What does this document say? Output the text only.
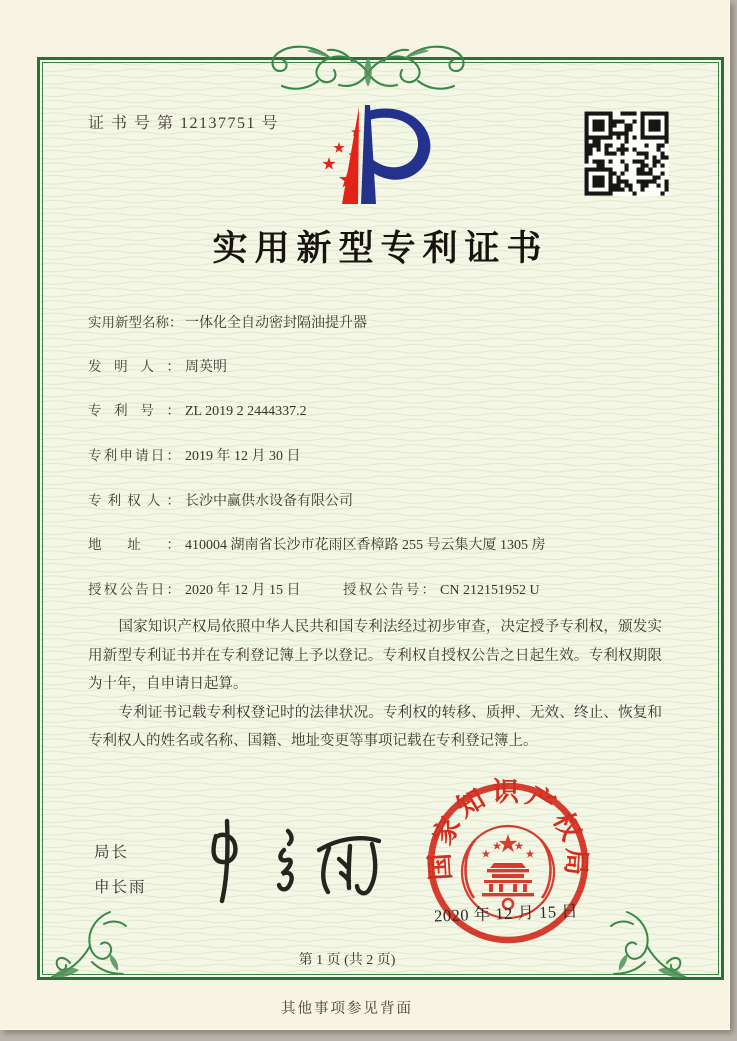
证 书 号 第 12137751 号
实用新型专利证书
实用新型名称： 一体化全自动密封隔油提升器
发明人： 周英明
专利号： ZL 2019 2 2444337.2
专利申请日： 2019 年 12 月 30 日
专利权人： 长沙中赢供水设备有限公司
地址： 410004 湖南省长沙市花雨区香樟路 255 号云集大厦 1305 房
授权公告日： 2020 年 12 月 15 日	授权公告号： CN 212151952 U

国家知识产权局依照中华人民共和国专利法经过初步审查，决定授予专利权，颁发实用新型专利证书并在专利登记簿上予以登记。专利权自授权公告之日起生效。专利权期限为十年，自申请日起算。

专利证书记载专利权登记时的法律状况。专利权的转移、质押、无效、终止、恢复和专利权人的姓名或名称、国籍、地址变更等事项记载在专利登记簿上。

局长
申长雨
国家知识产权局
2020 年 12 月 15 日
第 1 页 (共 2 页)
其他事项参见背面
